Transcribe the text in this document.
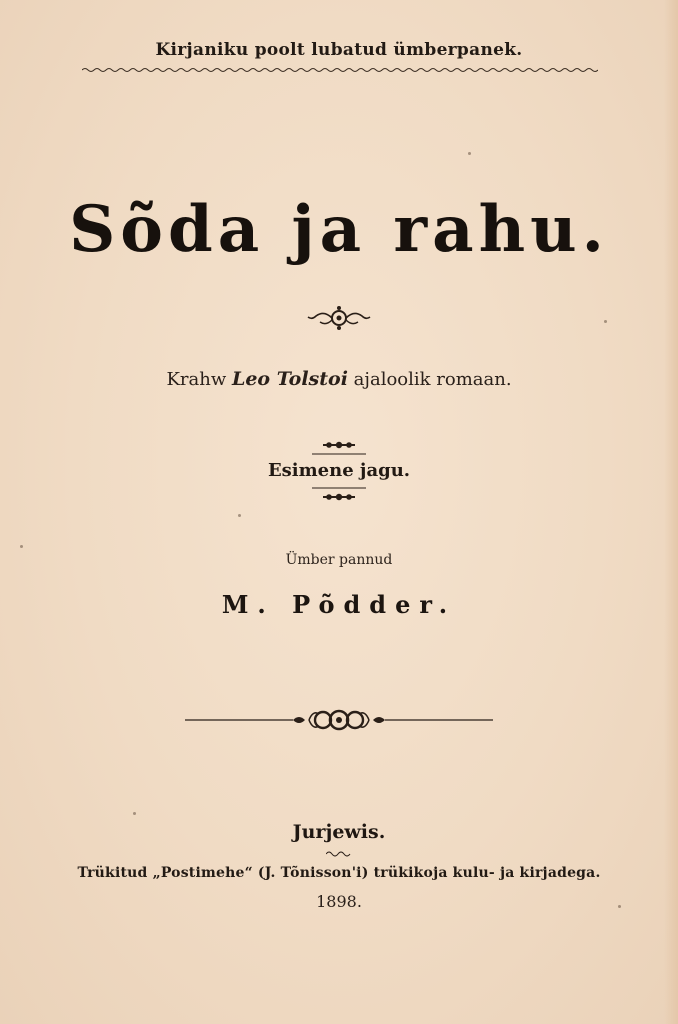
Kirjaniku poolt lubatud ümberpanek.
Sõda ja rahu.
Krahw Leo Tolstoi ajaloolik romaan.
Esimene jagu.
Ümber pannud
M. Põdder.
Jurjewis.
Trükitud „Postimehe“ (J. Tõnisson'i) trükikoja kulu- ja kirjadega.
1898.
